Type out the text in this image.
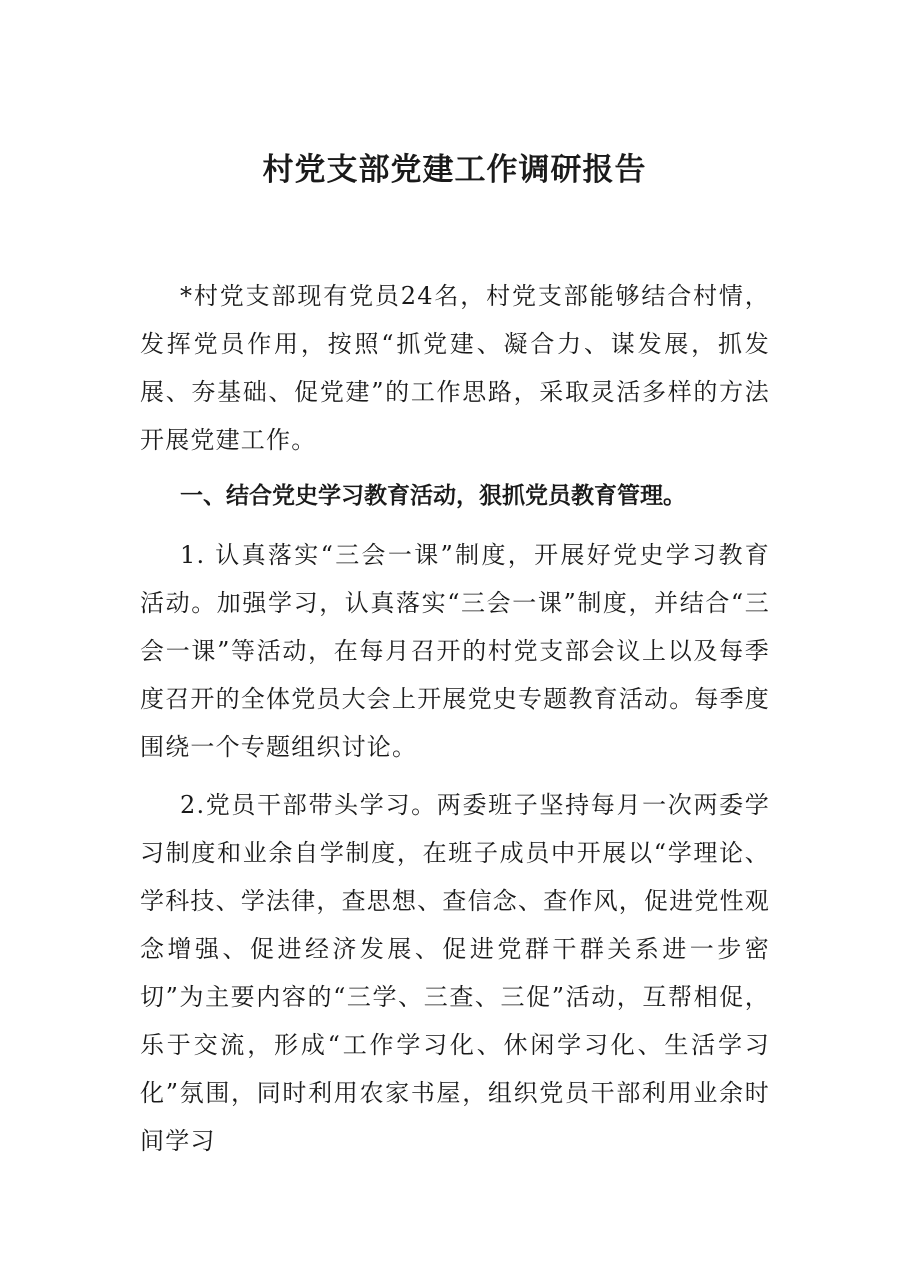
村党支部党建工作调研报告

*村党支部现有党员24名，村党支部能够结合村情，发挥党员作用，按照“抓党建、凝合力、谋发展，抓发展、夯基础、促党建”的工作思路，采取灵活多样的方法开展党建工作。

一、结合党史学习教育活动，狠抓党员教育管理。

1. 认真落实“三会一课”制度，开展好党史学习教育活动。加强学习，认真落实“三会一课”制度，并结合“三会一课”等活动，在每月召开的村党支部会议上以及每季度召开的全体党员大会上开展党史专题教育活动。每季度围绕一个专题组织讨论。

2.党员干部带头学习。两委班子坚持每月一次两委学习制度和业余自学制度，在班子成员中开展以“学理论、学科技、学法律，查思想、查信念、查作风，促进党性观念增强、促进经济发展、促进党群干群关系进一步密切”为主要内容的“三学、三查、三促”活动，互帮相促，乐于交流，形成“工作学习化、休闲学习化、生活学习化”氛围，同时利用农家书屋，组织党员干部利用业余时间学习
